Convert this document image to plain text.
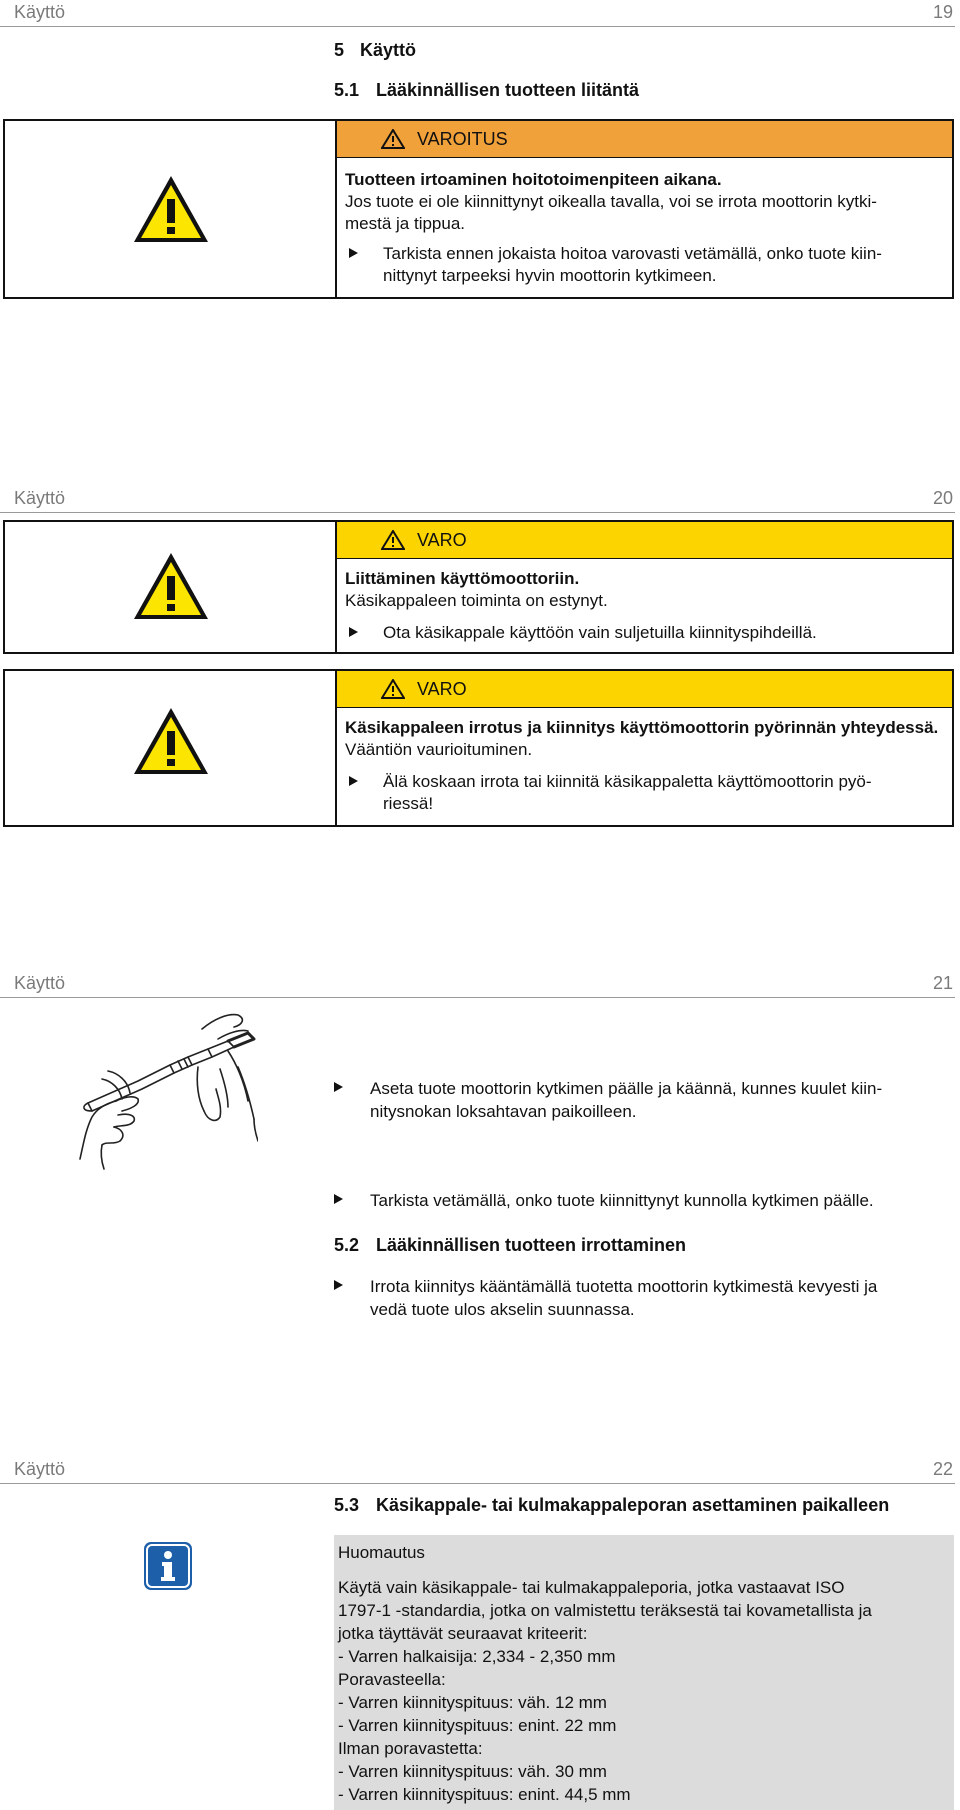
Käyttö	19
5 Käyttö
5.1 Lääkinnällisen tuotteen liitäntä
VAROITUS
Tuotteen irtoaminen hoitotoimenpiteen aikana.
Jos tuote ei ole kiinnittynyt oikealla tavalla, voi se irrota moottorin kytki-
mestä ja tippua.
Tarkista ennen jokaista hoitoa varovasti vetämällä, onko tuote kiin-
nittynyt tarpeeksi hyvin moottorin kytkimeen.
Käyttö	20
VARO
Liittäminen käyttömoottoriin.
Käsikappaleen toiminta on estynyt.
Ota käsikappale käyttöön vain suljetuilla kiinnityspihdeillä.
VARO
Käsikappaleen irrotus ja kiinnitys käyttömoottorin pyörinnän yhteydessä.
Vääntiön vaurioituminen.
Älä koskaan irrota tai kiinnitä käsikappaletta käyttömoottorin pyö-
riessä!
Käyttö	21
Aseta tuote moottorin kytkimen päälle ja käännä, kunnes kuulet kiin-
nitysnokan loksahtavan paikoilleen.
Tarkista vetämällä, onko tuote kiinnittynyt kunnolla kytkimen päälle.
5.2 Lääkinnällisen tuotteen irrottaminen
Irrota kiinnitys kääntämällä tuotetta moottorin kytkimestä kevyesti ja
vedä tuote ulos akselin suunnassa.
Käyttö	22
5.3 Käsikappale- tai kulmakappaleporan asettaminen paikalleen
Huomautus
Käytä vain käsikappale- tai kulmakappaleporia, jotka vastaavat ISO
1797-1 -standardia, jotka on valmistettu teräksestä tai kovametallista ja
jotka täyttävät seuraavat kriteerit:
- Varren halkaisija: 2,334 - 2,350 mm
Poravasteella:
- Varren kiinnityspituus: väh. 12 mm
- Varren kiinnityspituus: enint. 22 mm
Ilman poravastetta:
- Varren kiinnityspituus: väh. 30 mm
- Varren kiinnityspituus: enint. 44,5 mm
